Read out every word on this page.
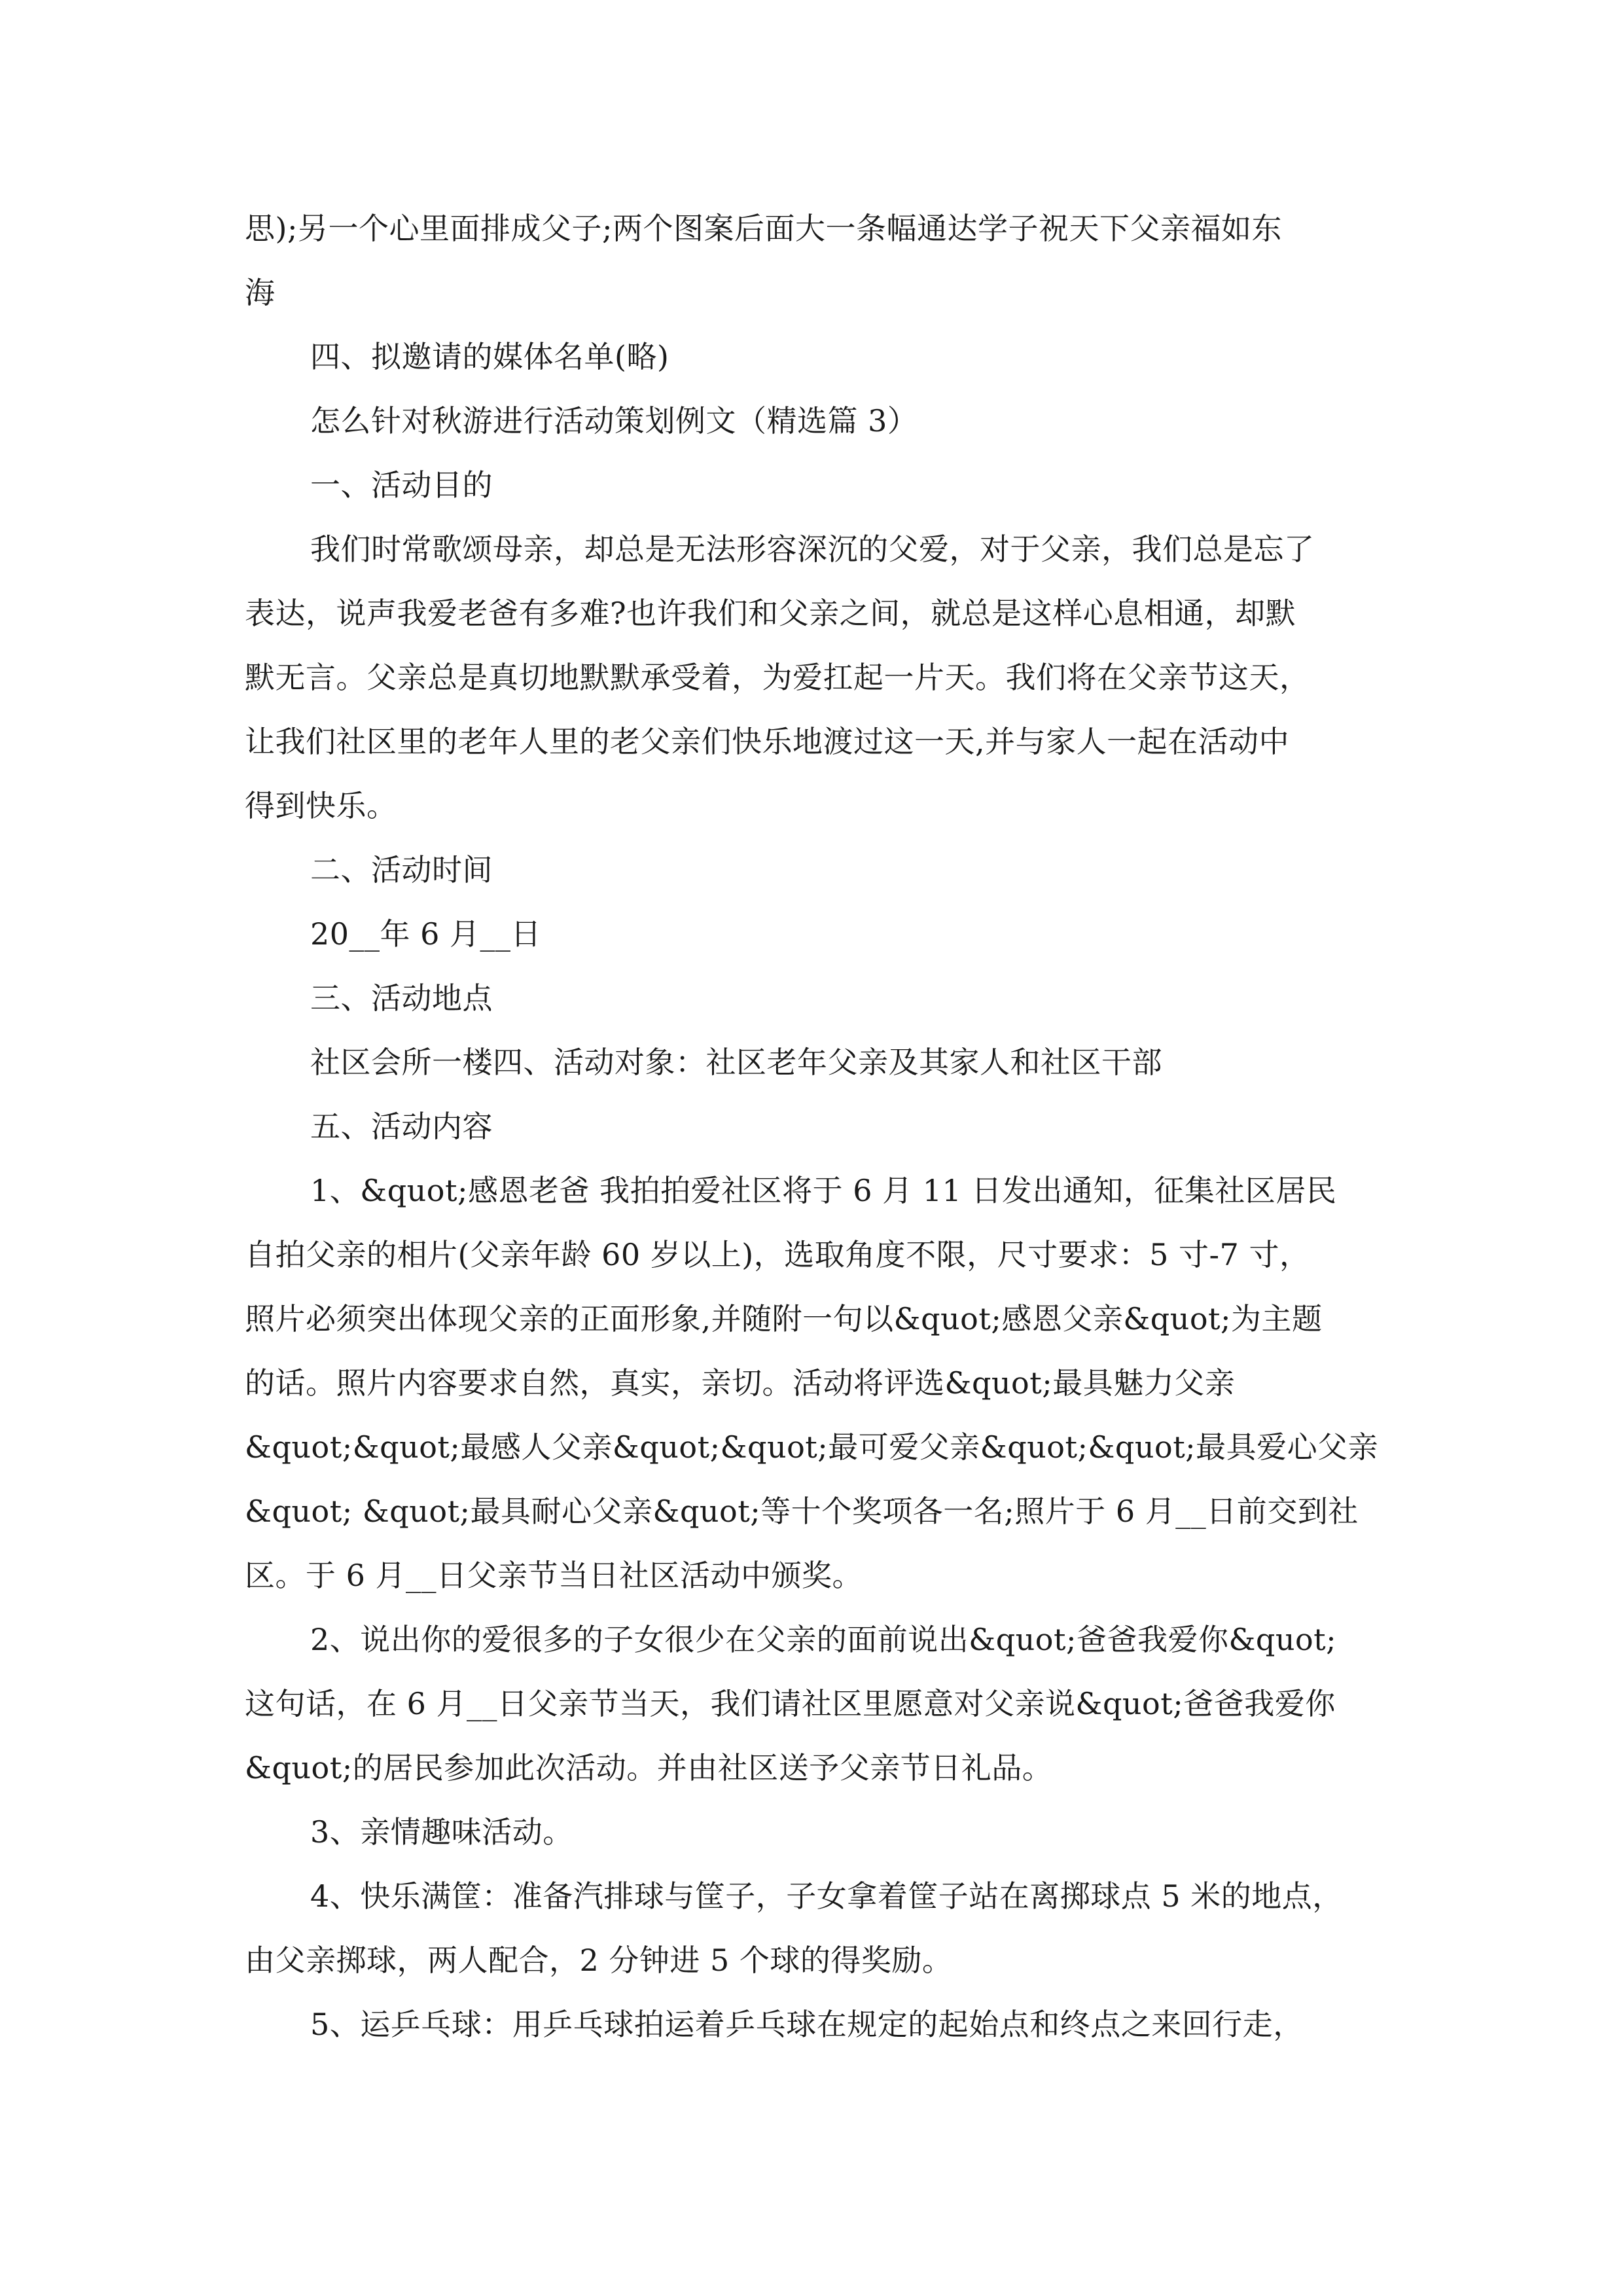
思);另一个心里面排成父子;两个图案后面大一条幅通达学子祝天下父亲福如东
海
四、拟邀请的媒体名单(略)
怎么针对秋游进行活动策划例文（精选篇 3）
一、活动目的
我们时常歌颂母亲，却总是无法形容深沉的父爱，对于父亲，我们总是忘了
表达，说声我爱老爸有多难?也许我们和父亲之间，就总是这样心息相通，却默
默无言。父亲总是真切地默默承受着，为爱扛起一片天。我们将在父亲节这天，
让我们社区里的老年人里的老父亲们快乐地渡过这一天,并与家人一起在活动中
得到快乐。
二、活动时间
20__年 6 月__日
三、活动地点
社区会所一楼四、活动对象：社区老年父亲及其家人和社区干部
五、活动内容
1、&quot;感恩老爸 我拍拍爱社区将于 6 月 11 日发出通知，征集社区居民
自拍父亲的相片(父亲年龄 60 岁以上)，选取角度不限，尺寸要求：5 寸-7 寸，
照片必须突出体现父亲的正面形象,并随附一句以&quot;感恩父亲&quot;为主题
的话。照片内容要求自然，真实，亲切。活动将评选&quot;最具魅力父亲
&quot;&quot;最感人父亲&quot;&quot;最可爱父亲&quot;&quot;最具爱心父亲
&quot; &quot;最具耐心父亲&quot;等十个奖项各一名;照片于 6 月__日前交到社
区。于 6 月__日父亲节当日社区活动中颁奖。
2、说出你的爱很多的子女很少在父亲的面前说出&quot;爸爸我爱你&quot;
这句话，在 6 月__日父亲节当天，我们请社区里愿意对父亲说&quot;爸爸我爱你
&quot;的居民参加此次活动。并由社区送予父亲节日礼品。
3、亲情趣味活动。
4、快乐满筐：准备汽排球与筐子，子女拿着筐子站在离掷球点 5 米的地点，
由父亲掷球，两人配合，2 分钟进 5 个球的得奖励。
5、运乒乓球：用乒乓球拍运着乒乓球在规定的起始点和终点之来回行走，
